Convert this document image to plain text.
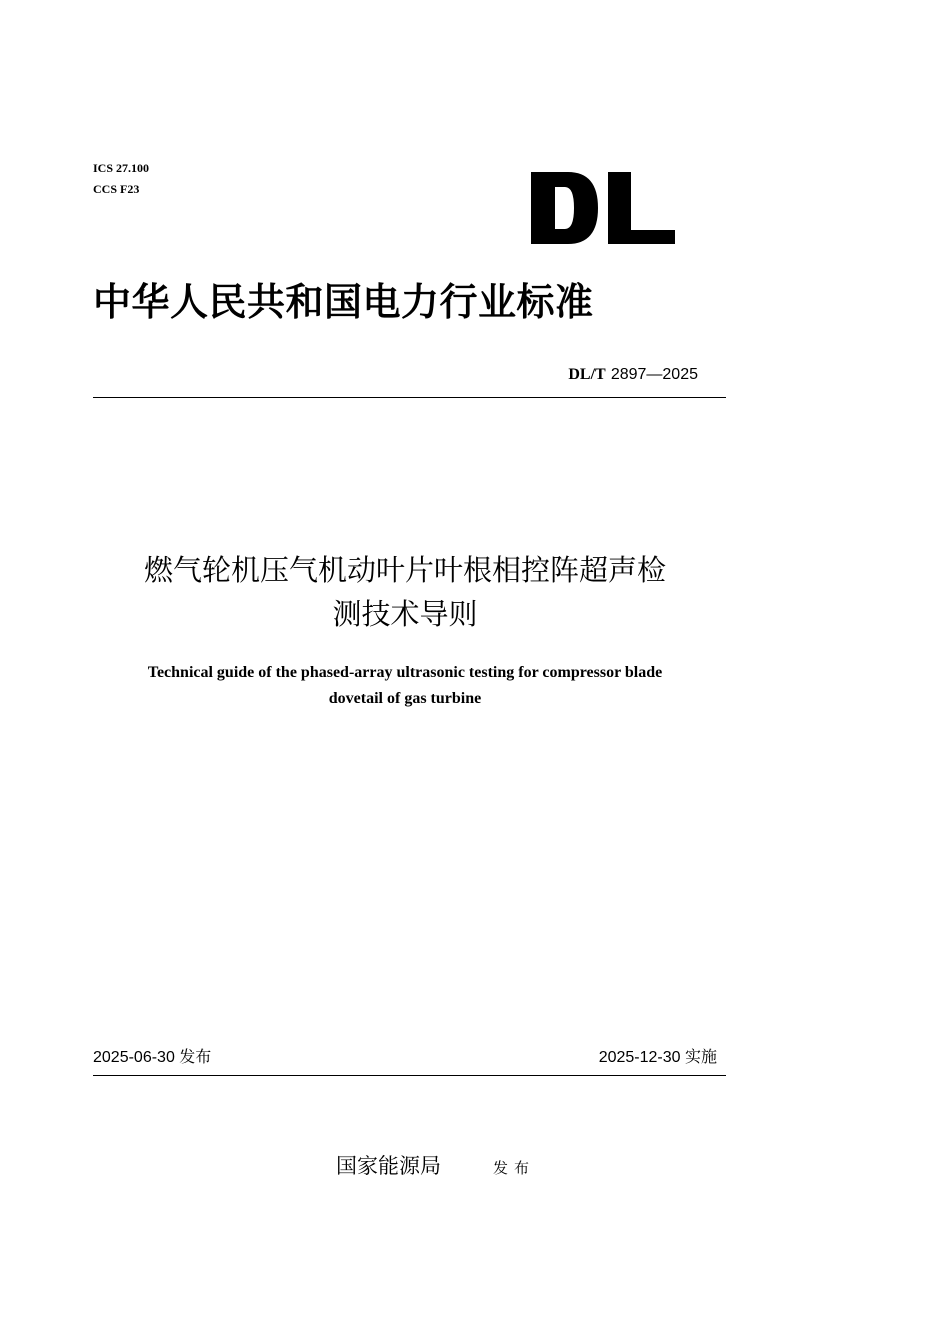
ICS 27.100
CCS F23
中华人民共和国电力行业标准
DL/T 2897—2025
燃气轮机压气机动叶片叶根相控阵超声检
测技术导则
Technical guide of the phased-array ultrasonic testing for compressor blade
dovetail of gas turbine
2025-06-30 发布	2025-12-30 实施
国家能源局	发布
